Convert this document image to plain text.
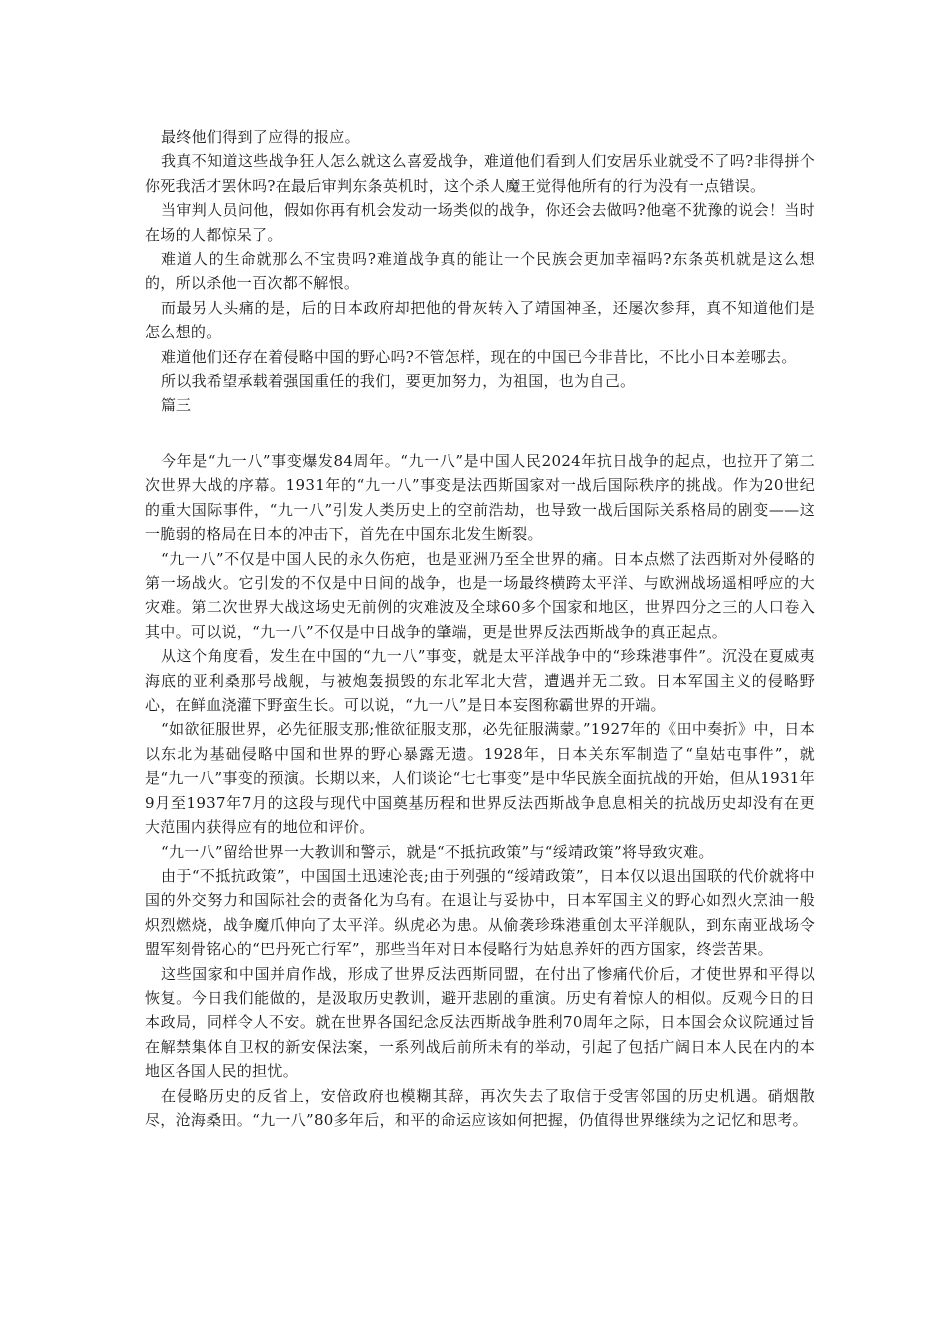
最终他们得到了应得的报应。

我真不知道这些战争狂人怎么就这么喜爱战争，难道他们看到人们安居乐业就受不了吗?非得拼个你死我活才罢休吗?在最后审判东条英机时，这个杀人魔王觉得他所有的行为没有一点错误。

当审判人员问他，假如你再有机会发动一场类似的战争，你还会去做吗?他毫不犹豫的说会！当时在场的人都惊呆了。

难道人的生命就那么不宝贵吗?难道战争真的能让一个民族会更加幸福吗?东条英机就是这么想的，所以杀他一百次都不解恨。

而最另人头痛的是，后的日本政府却把他的骨灰转入了靖国神圣，还屡次参拜，真不知道他们是怎么想的。

难道他们还存在着侵略中国的野心吗?不管怎样，现在的中国已今非昔比，不比小日本差哪去。

所以我希望承载着强国重任的我们，要更加努力，为祖国，也为自己。

篇三

今年是“九一八”事变爆发84周年。“九一八”是中国人民2024年抗日战争的起点，也拉开了第二次世界大战的序幕。1931年的“九一八”事变是法西斯国家对一战后国际秩序的挑战。作为20世纪的重大国际事件，“九一八”引发人类历史上的空前浩劫，也导致一战后国际关系格局的剧变——这一脆弱的格局在日本的冲击下，首先在中国东北发生断裂。

“九一八”不仅是中国人民的永久伤疤，也是亚洲乃至全世界的痛。日本点燃了法西斯对外侵略的第一场战火。它引发的不仅是中日间的战争，也是一场最终横跨太平洋、与欧洲战场遥相呼应的大灾难。第二次世界大战这场史无前例的灾难波及全球60多个国家和地区，世界四分之三的人口卷入其中。可以说，“九一八”不仅是中日战争的肇端，更是世界反法西斯战争的真正起点。

从这个角度看，发生在中国的“九一八”事变，就是太平洋战争中的“珍珠港事件”。沉没在夏威夷海底的亚利桑那号战舰，与被炮轰损毁的东北军北大营，遭遇并无二致。日本军国主义的侵略野心，在鲜血浇灌下野蛮生长。可以说，“九一八”是日本妄图称霸世界的开端。

“如欲征服世界，必先征服支那;惟欲征服支那，必先征服满蒙。”1927年的《田中奏折》中，日本以东北为基础侵略中国和世界的野心暴露无遗。1928年，日本关东军制造了“皇姑屯事件”，就是“九一八”事变的预演。长期以来，人们谈论“七七事变”是中华民族全面抗战的开始，但从1931年9月至1937年7月的这段与现代中国奠基历程和世界反法西斯战争息息相关的抗战历史却没有在更大范围内获得应有的地位和评价。

“九一八”留给世界一大教训和警示，就是“不抵抗政策”与“绥靖政策”将导致灾难。

由于“不抵抗政策”，中国国土迅速沦丧;由于列强的“绥靖政策”，日本仅以退出国联的代价就将中国的外交努力和国际社会的责备化为乌有。在退让与妥协中，日本军国主义的野心如烈火烹油一般炽烈燃烧，战争魔爪伸向了太平洋。纵虎必为患。从偷袭珍珠港重创太平洋舰队，到东南亚战场令盟军刻骨铭心的“巴丹死亡行军”，那些当年对日本侵略行为姑息养奸的西方国家，终尝苦果。

这些国家和中国并肩作战，形成了世界反法西斯同盟，在付出了惨痛代价后，才使世界和平得以恢复。今日我们能做的，是汲取历史教训，避开悲剧的重演。历史有着惊人的相似。反观今日的日本政局，同样令人不安。就在世界各国纪念反法西斯战争胜利70周年之际，日本国会众议院通过旨在解禁集体自卫权的新安保法案，一系列战后前所未有的举动，引起了包括广阔日本人民在内的本地区各国人民的担忧。

在侵略历史的反省上，安倍政府也模糊其辞，再次失去了取信于受害邻国的历史机遇。硝烟散尽，沧海桑田。“九一八”80多年后，和平的命运应该如何把握，仍值得世界继续为之记忆和思考。
